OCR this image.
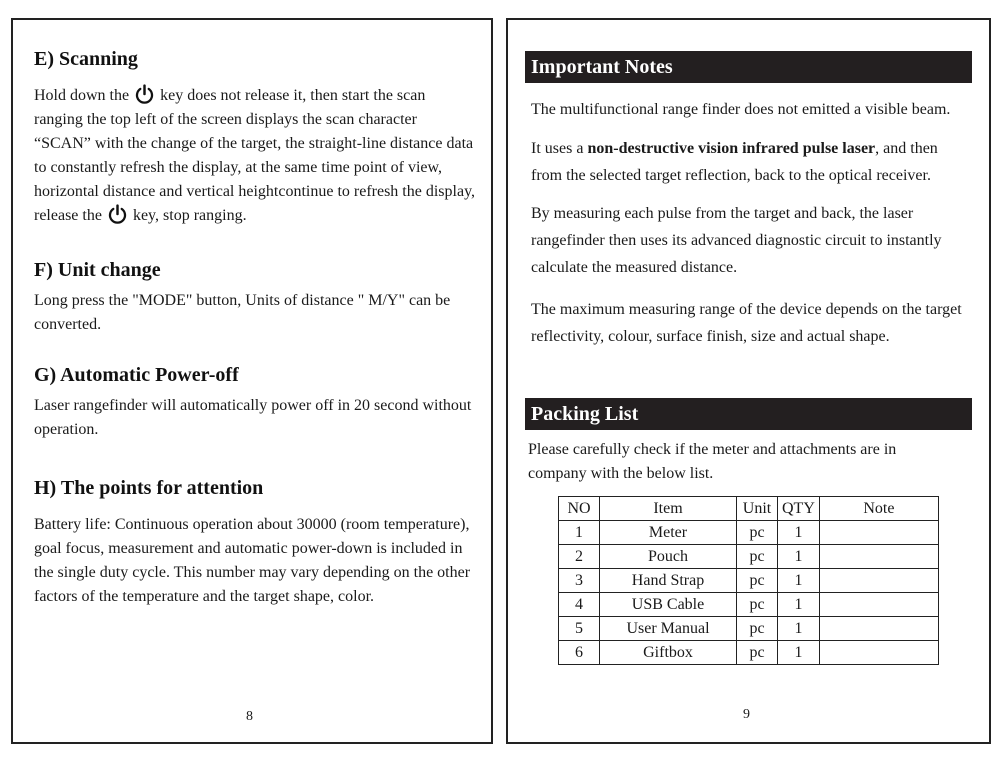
E) Scanning

Hold down the key does not release it, then start the scan ranging the top left of the screen displays the scan character “SCAN” with the change of the target, the straight-line distance data to constantly refresh the display, at the same time point of view, horizontal distance and vertical heightcontinue to refresh the display, release the key, stop ranging.

F) Unit change

Long press the "MODE" button, Units of distance " M/Y" can be converted.

G) Automatic Power-off

Laser rangefinder will automatically power off in 20 second without operation.

H) The points for attention

Battery life: Continuous operation about 30000 (room temperature), goal focus, measurement and automatic power-down is included in the single duty cycle. This number may vary depending on the other factors of the temperature and the target shape, color.

8
Important Notes

The multifunctional range finder does not emitted a visible beam.

It uses a non-destructive vision infrared pulse laser, and then from the selected target reflection, back to the optical receiver.

By measuring each pulse from the target and back, the laser rangefinder then uses its advanced diagnostic circuit to instantly calculate the measured distance.

The maximum measuring range of the device depends on the target reflectivity, colour, surface finish, size and actual shape.

Packing List

Please carefully check if the meter and attachments are in company with the below list.

NO	Item	Unit	QTY	Note
1	Meter	pc	1	
2	Pouch	pc	1	
3	Hand Strap	pc	1	
4	USB Cable	pc	1	
5	User Manual	pc	1	
6	Giftbox	pc	1	
9
